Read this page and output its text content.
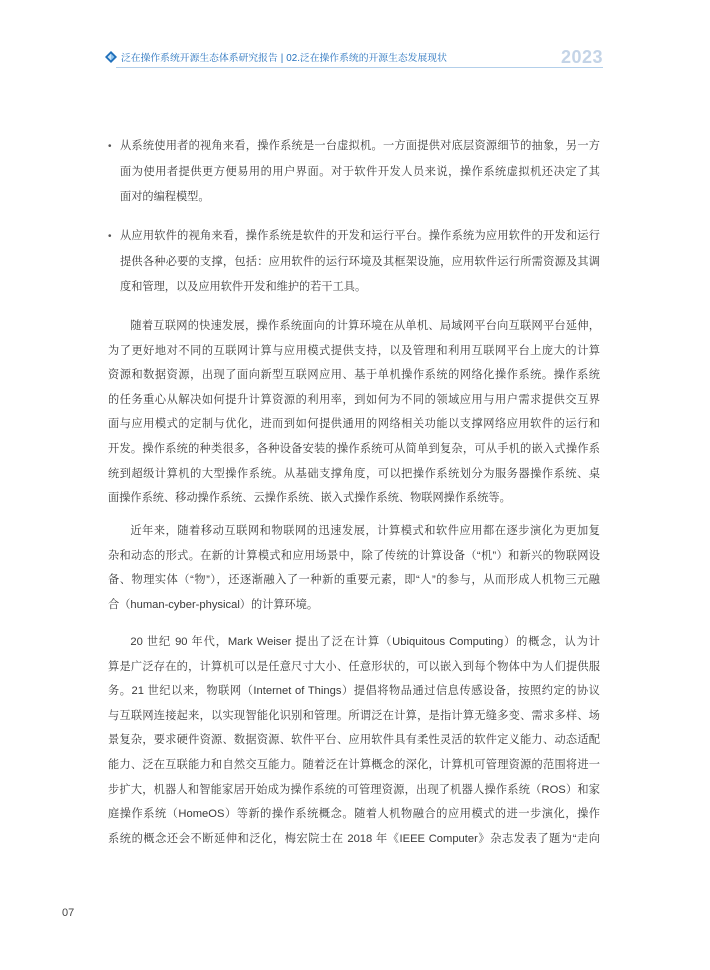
泛在操作系统开源生态体系研究报告 | 02.泛在操作系统的开源生态发展现状	2023
• 从系统使用者的视角来看，操作系统是一台虚拟机。一方面提供对底层资源细节的抽象，另一方
面为使用者提供更方便易用的用户界面。对于软件开发人员来说，操作系统虚拟机还决定了其
面对的编程模型。
• 从应用软件的视角来看，操作系统是软件的开发和运行平台。操作系统为应用软件的开发和运行
提供各种必要的支撑，包括：应用软件的运行环境及其框架设施，应用软件运行所需资源及其调
度和管理，以及应用软件开发和维护的若干工具。
随着互联网的快速发展，操作系统面向的计算环境在从单机、局域网平台向互联网平台延伸，
为了更好地对不同的互联网计算与应用模式提供支持，以及管理和利用互联网平台上庞大的计算
资源和数据资源，出现了面向新型互联网应用、基于单机操作系统的网络化操作系统。操作系统
的任务重心从解决如何提升计算资源的利用率，到如何为不同的领域应用与用户需求提供交互界
面与应用模式的定制与优化，进而到如何提供通用的网络相关功能以支撑网络应用软件的运行和
开发。操作系统的种类很多，各种设备安装的操作系统可从简单到复杂，可从手机的嵌入式操作系
统到超级计算机的大型操作系统。从基础支撑角度，可以把操作系统划分为服务器操作系统、桌
面操作系统、移动操作系统、云操作系统、嵌入式操作系统、物联网操作系统等。
近年来，随着移动互联网和物联网的迅速发展，计算模式和软件应用都在逐步演化为更加复
杂和动态的形式。在新的计算模式和应用场景中，除了传统的计算设备（“机”）和新兴的物联网设
备、物理实体（“物”），还逐渐融入了一种新的重要元素，即“人”的参与，从而形成人机物三元融
合（human-cyber-physical）的计算环境。
20 世纪 90 年代，Mark Weiser 提出了泛在计算（Ubiquitous Computing）的概念，认为计
算是广泛存在的，计算机可以是任意尺寸大小、任意形状的，可以嵌入到每个物体中为人们提供服
务。21 世纪以来，物联网（Internet of Things）提倡将物品通过信息传感设备，按照约定的协议
与互联网连接起来，以实现智能化识别和管理。所谓泛在计算，是指计算无缝多变、需求多样、场
景复杂，要求硬件资源、数据资源、软件平台、应用软件具有柔性灵活的软件定义能力、动态适配
能力、泛在互联能力和自然交互能力。随着泛在计算概念的深化，计算机可管理资源的范围将进一
步扩大，机器人和智能家居开始成为操作系统的可管理资源，出现了机器人操作系统（ROS）和家
庭操作系统（HomeOS）等新的操作系统概念。随着人机物融合的应用模式的进一步演化，操作
系统的概念还会不断延伸和泛化，梅宏院士在 2018 年《IEEE Computer》杂志发表了题为“走向
07
